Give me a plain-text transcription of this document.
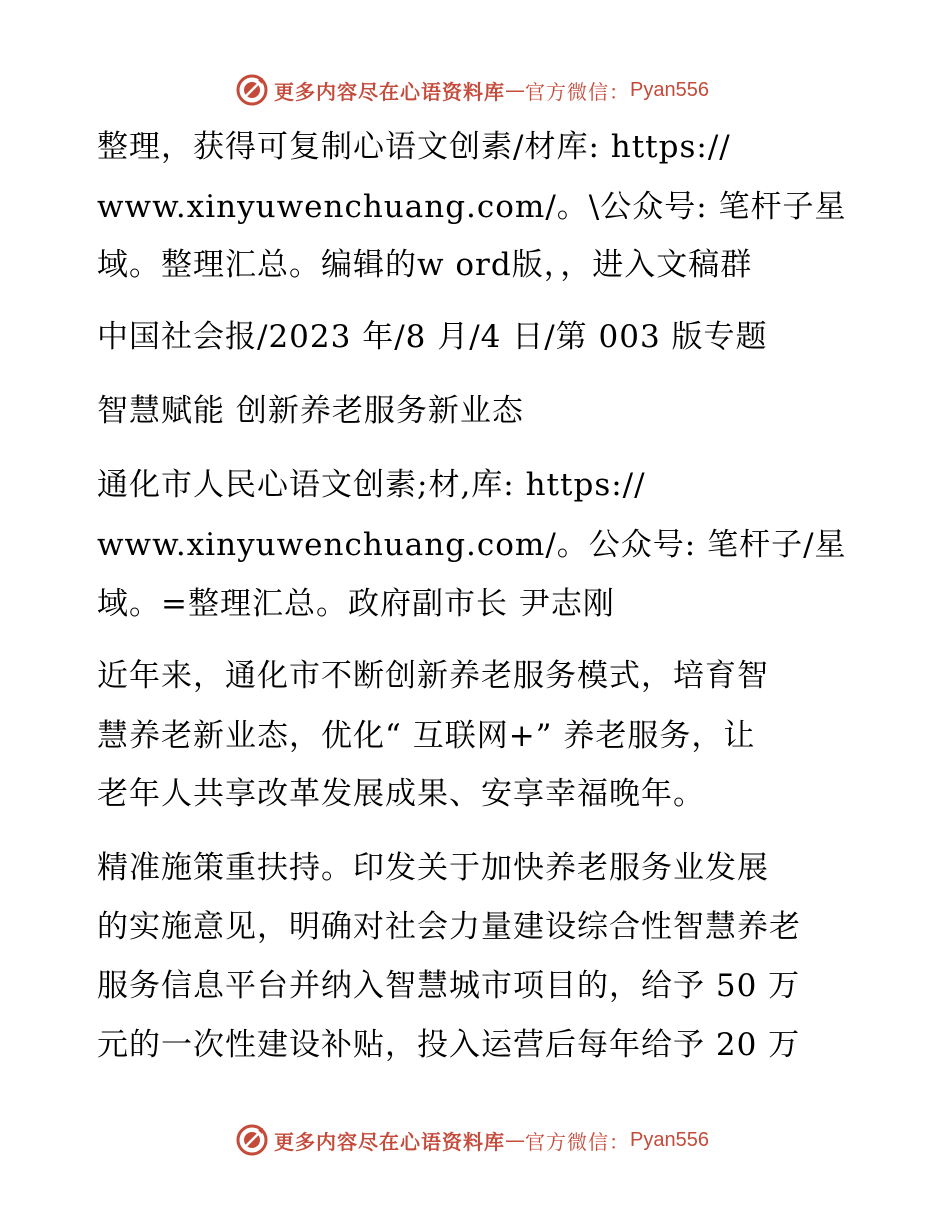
更多内容尽在心语资料库 — 官方微信： Pyan556
整理，获得可复制心语文创素/材库: https://
www.xinyuwenchuang.com/。\公众号: 笔杆子星
域。整理汇总。编辑的w ord版，，进入文稿群
中国社会报/2023 年/8 月/4 日/第 003 版专题
智慧赋能 创新养老服务新业态
通化市人民心语文创素;材,库: https://
www.xinyuwenchuang.com/。公众号: 笔杆子/星
域。=整理汇总。政府副市长 尹志刚
近年来，通化市不断创新养老服务模式，培育智
慧养老新业态，优化“ 互联网+” 养老服务，让
老年人共享改革发展成果、安享幸福晚年。
精准施策重扶持。印发关于加快养老服务业发展
的实施意见，明确对社会力量建设综合性智慧养老
服务信息平台并纳入智慧城市项目的，给予 50 万
元的一次性建设补贴，投入运营后每年给予 20 万
更多内容尽在心语资料库 — 官方微信： Pyan556
